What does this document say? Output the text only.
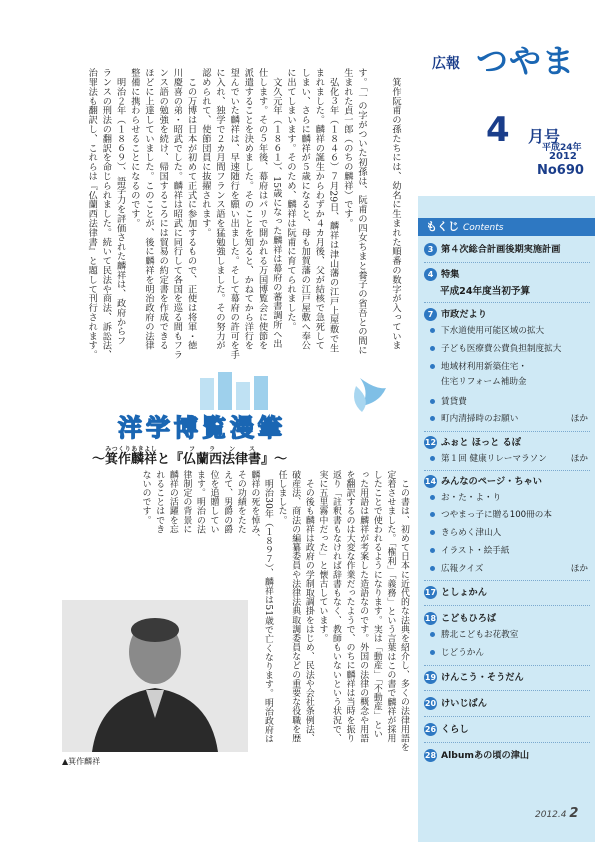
広報 つやま
4 月号
平成24年
2012
No690
もくじ Contents
3 第４次総合計画後期実施計画
4 特集
平成24年度当初予算
7 市政だより
下水道使用可能区域の拡大
子ども医療費公費負担制度拡大
地域材利用新築住宅・
住宅リフォーム補助金
賃貸費
町内清掃時のお願い	ほか
12 ふぉと ほっと るぽ
第１回 健康リレーマラソン	ほか
14 みんなのページ・ちゃい
お・た・よ・り
つやまっ子に贈る100冊の本
きらめく津山人
イラスト・絵手紙
広報クイズ	ほか
17 としょかん
18 こどもひろば
勝北こどもお花教室
じどうかん
19 けんこう・そうだん
20 けいじばん
26 くらし
28 Albumあの頃の津山
2012.4 2
　箕作阮甫の孫たちには、幼名に生まれた順番の数字が入っていま
す。「一の字がついた初孫は、阮甫の四女ちまと養子の省吾との間に
生まれた貞一郎（のちの麟祥）です。
　弘化３年（１８４６）７月29日、麟祥は津山藩の江戸上屋敷で生
まれました。麟祥の誕生からわずか４カ月後、父が結核で急死して
しまい、さらに麟祥が５歳になると、母も加賀藩の江戸屋敷へ奉公
に出てしまいます。そのため、麟祥は阮甫に育てられました。
　文久元年（１８６１）、15歳になった麟祥は幕府の蕃書調所へ出
仕します。その５年後、幕府はパリで開かれる万国博覧会に使節を
派遣することを決めました。そのことを知ると、かねてから洋行を
望んでいた麟祥は、早速随行を願い出ました。そして幕府の許可を手
に入れ、独学で２カ月間フランス語を猛勉強しました。その努力が
認められて、使節団員に抜擢されます。
　この万博は日本が初めて正式に参加するもので、正使は将軍・徳
川慶喜の弟・昭武でした。麟祥は昭武に同行して各国を巡る間もフラ
ンス語の勉強を続け、帰国するころには貿易の約定書を作成できる
ほどに上達していました。このことが、後に麟祥を明治政府の法律
整備に携わらせることになるのです。
　明治２年（１８６９）、語学力を評価された麟祥は、政府からフ
ランスの刑法の翻訳を命じられました。続いて民法や商法、訴訟法、
治罪法も翻訳し、これらは『仏蘭西法律書』と題して刊行されます。
洋学博覧漫筆
〜箕作麟祥みつくりあきよしと『仏蘭西法律書フランス』〜
　この書は、初めて日本に近代的な法典を紹介し、多くの法律用語を
定着させました。「権利」「義務」という言葉はこの書で麟祥が採用
したことで使われるようになります。実は「動産」「不動産」とい
った用語は麟祥が考案した造語なのです。外国の法律の概念や用語
を翻訳するのは大変な作業だったようで、のちに麟祥は当時を振り
返り「註釈書もなければ辞書もなく、教師もいないという状況で、
実に五里霧中だった」と懐古しています。
　その後も麟祥は政府の学制取調掛をはじめ、民法や会社条例法、
破産法、商法の編纂委員や法律法典取調委員などの重要な役職を歴
任しました。
　明治30年（１８９７）、麟祥は51歳で亡くなります。明治政府は
麟祥の死を悼み、
その功績をたた
えて、男爵の爵
位を追贈してい
ます。明治の法
律制定の背景に
麟祥の活躍を忘
れることはでき
ないのです。
▲箕作麟祥
